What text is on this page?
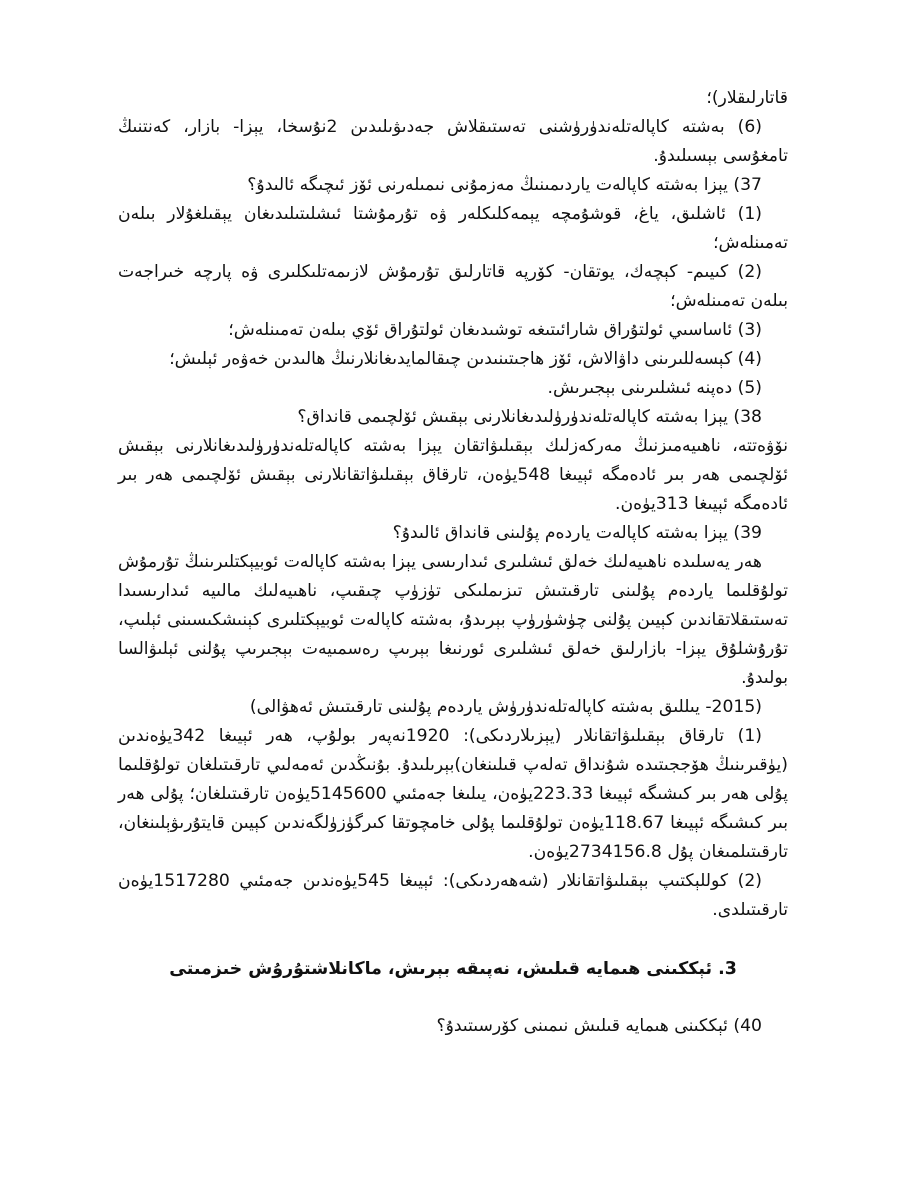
قاتارلىقلار)؛

(6) بەشتە كاپالەتلەندۈرۈشنى تەستىقلاش جەدىۋىلىدىن 2نۇسخا، يېزا- بازار، كەنتنىڭ تامغۇسى بېسىلىدۇ.

37) يېزا بەشتە كاپالەت ياردىمىنىڭ مەزمۇنى نىمىلەرنى ئۆز ئىچىگە ئالىدۇ؟

(1) ئاشلىق، ياغ، قوشۇمچە يېمەكلىكلەر ۋە تۇرمۇشتا ئىشلىتىلىدىغان يېقىلغۇلار بىلەن تەمىنلەش؛

(2) كىيىم- كېچەك، يوتقان- كۆرپە قاتارلىق تۇرمۇش لازىمەتلىكلىرى ۋە پارچە خىراجەت بىلەن تەمىنلەش؛

(3) ئاساسىي ئولتۇراق شارائىتىغە توشىدىغان ئولتۇراق ئۆي بىلەن تەمىنلەش؛

(4) كېسەللىرىنى داۋالاش، ئۆز ھاجىتىنىدىن چىقالمايدىغانلارنىڭ ھالىدىن خەۋەر ئېلىش؛

(5) دەپنە ئىشلىرىنى بېجىرىش.

38) يېزا بەشتە كاپالەتلەندۈرۈلىدىغانلارنى بېقىش ئۆلچىمى قانداق؟

نۆۋەتتە، ناھىيەمىزنىڭ مەركەزلىك بېقىلىۋاتقان يېزا بەشتە كاپالەتلەندۈرۈلىدىغانلارنى بېقىش ئۆلچىمى ھەر بىر ئادەمگە ئېيىغا 548يۈەن، تارقاق بېقىلىۋاتقانلارنى بېقىش ئۆلچىمى ھەر بىر ئادەمگە ئېيىغا 313يۈەن.

39) يېزا بەشتە كاپالەت ياردەم پۇلىنى قانداق ئالىدۇ؟

ھەر يەسلىدە ناھىيەلىك خەلق ئىشلىرى ئىدارىسى يېزا بەشتە كاپالەت ئوبيېكتلىرىنىڭ تۇرمۇش تولۇقلىما ياردەم پۇلىنى تارقىتىش تىزىملىكى تۈزۈپ چىقىپ، ناھىيەلىك مالىيە ئىدارىسىدا تەستىقلاتقاندىن كېيىن پۇلنى چۈشۈرۈپ بېرىدۇ، بەشتە كاپالەت ئوبيېكتلىرى كېنىشكىسىنى ئېلىپ، تۇرۇشلۇق يېزا- بازارلىق خەلق ئىشلىرى ئورنىغا بېرىپ رەسمىيەت بېجىرىپ پۇلنى ئېلىۋالسا بولىدۇ.

(2015- يىللىق بەشتە كاپالەتلەندۈرۈش ياردەم پۇلىنى تارقىتىش ئەھۋالى)

(1) تارقاق بېقىلىۋاتقانلار (يېزىلاردىكى): 1920نەپەر بولۇپ، ھەر ئېيىغا 342يۈەندىن (يۈقىرىنىڭ ھۆججىتىدە شۇنداق تەلەپ قىلىنغان)بېرىلىدۇ. بۇنىڭدىن ئەمەلىي تارقىتىلغان تولۇقلىما پۇلى ھەر بىر كىشىگە ئېيىغا 223.33يۈەن، يىلىغا جەمئىي 5145600يۈەن تارقىتىلغان؛ پۇلى ھەر بىر كىشىگە ئېيىغا 118.67يۈەن تولۇقلىما پۇلى خامچوتقا كىرگۈزۈلگەندىن كېيىن قايتۇرىۋېلىنغان، تارقىتىلمىغان پۇل 2734156.8يۈەن.

(2) كوللېكتىپ بېقىلىۋاتقانلار (شەھەردىكى): ئېيىغا 545يۈەندىن جەمئىي 1517280يۈەن تارقىتىلدى.

3. ئېككىنى ھىمايە قىلىش، نەپىقە بېرىش، ماكانلاشتۇرۇش خىزمىتى

40) ئېككىنى ھىمايە قىلىش نىمىنى كۆرسىتىدۇ؟
